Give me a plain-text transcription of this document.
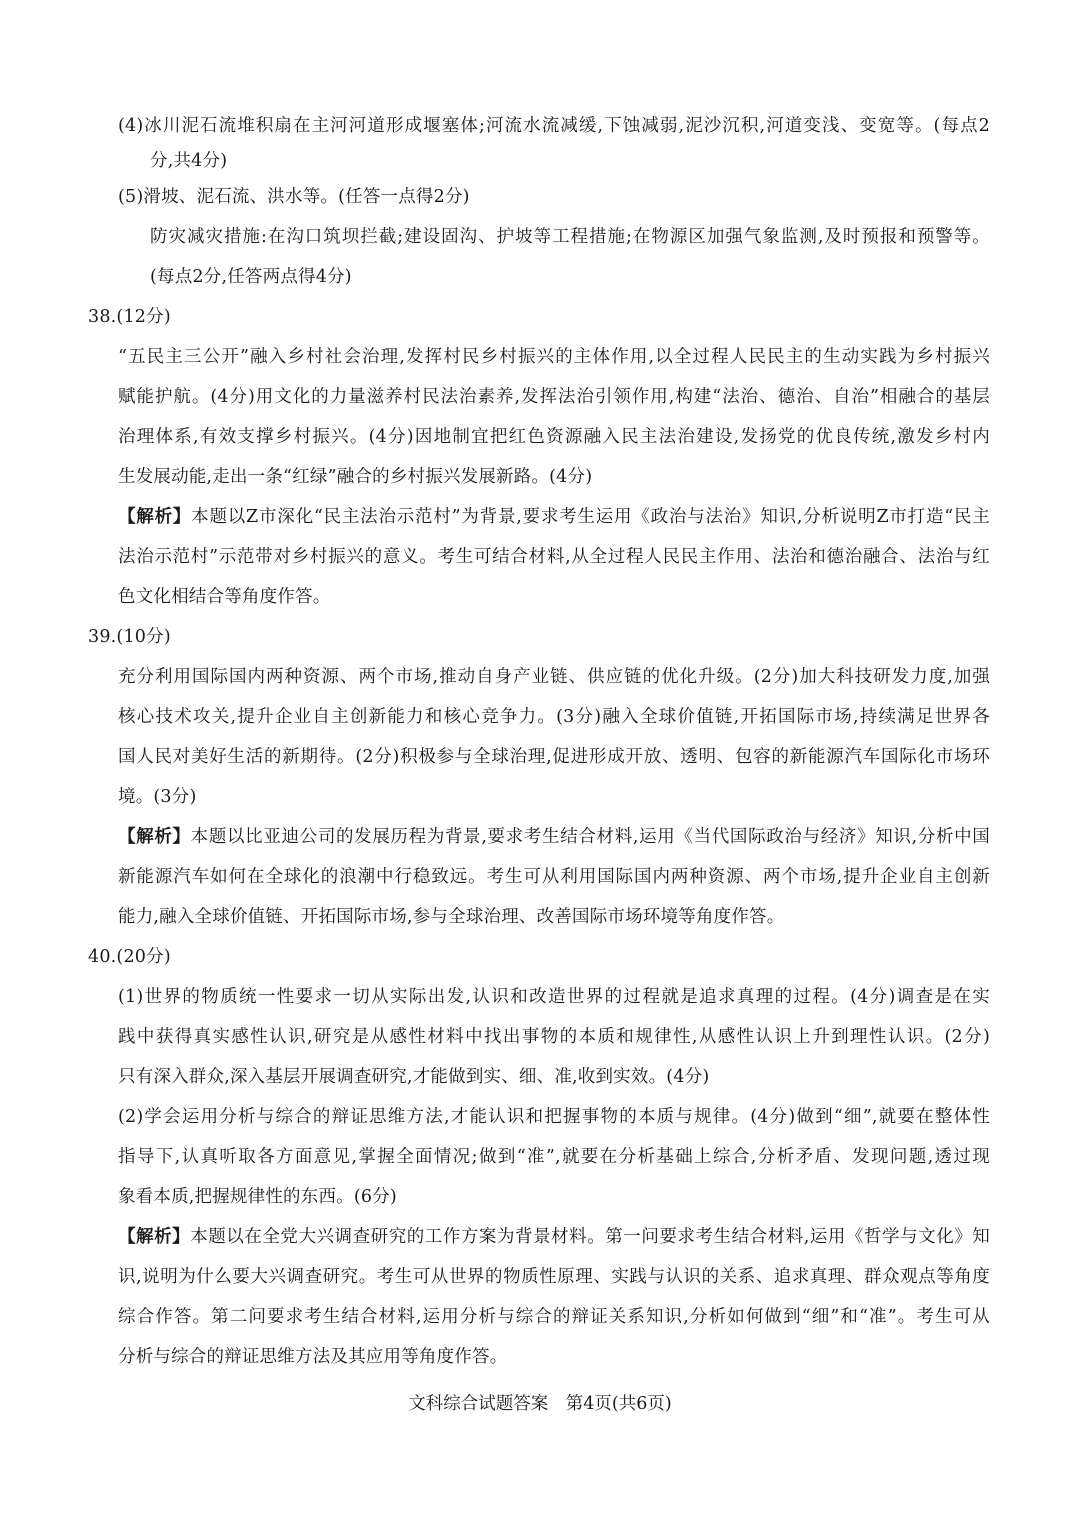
(4)冰川泥石流堆积扇在主河河道形成堰塞体;河流水流减缓,下蚀减弱,泥沙沉积,河道变浅、变宽等。(每点2
分,共4分)
(5)滑坡、泥石流、洪水等。(任答一点得2分)
防灾减灾措施:在沟口筑坝拦截;建设固沟、护坡等工程措施;在物源区加强气象监测,及时预报和预警等。
(每点2分,任答两点得4分)
38.(12分)
“五民主三公开”融入乡村社会治理,发挥村民乡村振兴的主体作用,以全过程人民民主的生动实践为乡村振兴
赋能护航。(4分)用文化的力量滋养村民法治素养,发挥法治引领作用,构建“法治、德治、自治”相融合的基层
治理体系,有效支撑乡村振兴。(4分)因地制宜把红色资源融入民主法治建设,发扬党的优良传统,激发乡村内
生发展动能,走出一条“红绿”融合的乡村振兴发展新路。(4分)
【解析】本题以Z市深化“民主法治示范村”为背景,要求考生运用《政治与法治》知识,分析说明Z市打造“民主
法治示范村”示范带对乡村振兴的意义。考生可结合材料,从全过程人民民主作用、法治和德治融合、法治与红
色文化相结合等角度作答。
39.(10分)
充分利用国际国内两种资源、两个市场,推动自身产业链、供应链的优化升级。(2分)加大科技研发力度,加强
核心技术攻关,提升企业自主创新能力和核心竞争力。(3分)融入全球价值链,开拓国际市场,持续满足世界各
国人民对美好生活的新期待。(2分)积极参与全球治理,促进形成开放、透明、包容的新能源汽车国际化市场环
境。(3分)
【解析】本题以比亚迪公司的发展历程为背景,要求考生结合材料,运用《当代国际政治与经济》知识,分析中国
新能源汽车如何在全球化的浪潮中行稳致远。考生可从利用国际国内两种资源、两个市场,提升企业自主创新
能力,融入全球价值链、开拓国际市场,参与全球治理、改善国际市场环境等角度作答。
40.(20分)
(1)世界的物质统一性要求一切从实际出发,认识和改造世界的过程就是追求真理的过程。(4分)调查是在实
践中获得真实感性认识,研究是从感性材料中找出事物的本质和规律性,从感性认识上升到理性认识。(2分)
只有深入群众,深入基层开展调查研究,才能做到实、细、准,收到实效。(4分)
(2)学会运用分析与综合的辩证思维方法,才能认识和把握事物的本质与规律。(4分)做到“细”,就要在整体性
指导下,认真听取各方面意见,掌握全面情况;做到“准”,就要在分析基础上综合,分析矛盾、发现问题,透过现
象看本质,把握规律性的东西。(6分)
【解析】本题以在全党大兴调查研究的工作方案为背景材料。第一问要求考生结合材料,运用《哲学与文化》知
识,说明为什么要大兴调查研究。考生可从世界的物质性原理、实践与认识的关系、追求真理、群众观点等角度
综合作答。第二问要求考生结合材料,运用分析与综合的辩证关系知识,分析如何做到“细”和“准”。考生可从
分析与综合的辩证思维方法及其应用等角度作答。
文科综合试题答案　第4页(共6页)
